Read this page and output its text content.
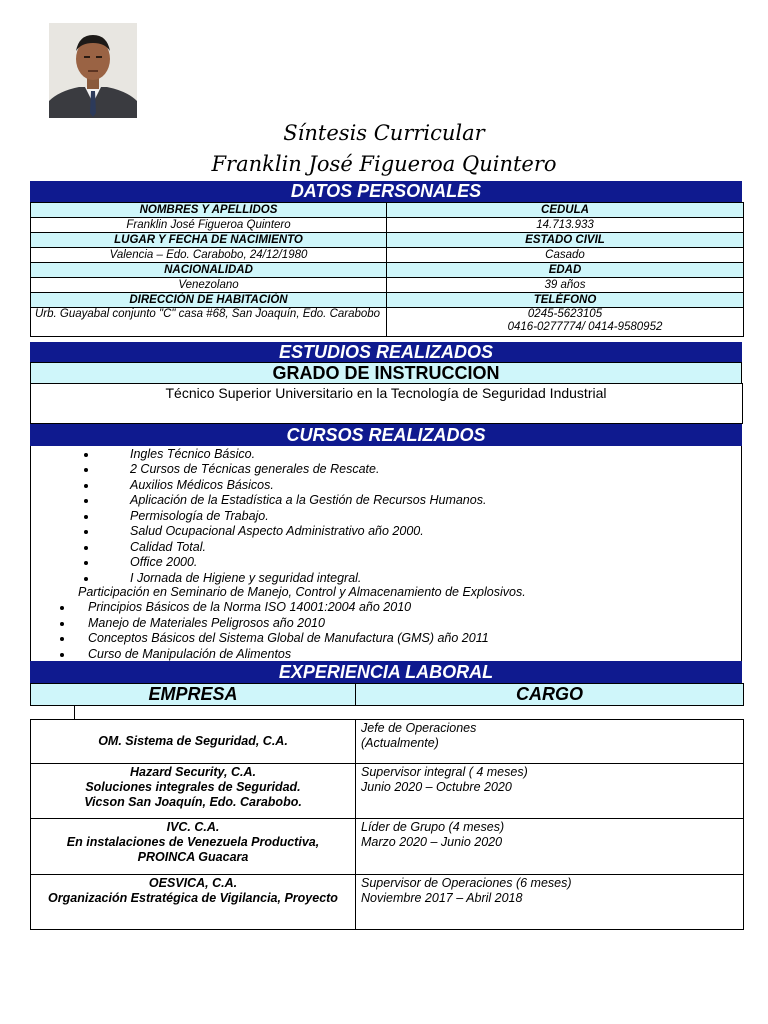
Síntesis Curricular
Franklin José Figueroa Quintero
DATOS PERSONALES
NOMBRES Y APELLIDOS	CEDULA
Franklin José Figueroa Quintero	14.713.933
LUGAR Y FECHA DE NACIMIENTO	ESTADO CIVIL
Valencia – Edo. Carabobo, 24/12/1980	Casado
NACIONALIDAD	EDAD
Venezolano	39 años
DIRECCIÓN DE HABITACIÓN	TELÉFONO
Urb. Guayabal conjunto "C" casa #68, San Joaquín, Edo. Carabobo	0245-5623105
0416-0277774/ 0414-9580952
ESTUDIOS REALIZADOS
GRADO DE INSTRUCCION
Técnico Superior Universitario en la Tecnología de Seguridad Industrial
CURSOS REALIZADOS
Ingles Técnico Básico.
2 Cursos de Técnicas generales de Rescate.
Auxilios Médicos Básicos.
Aplicación de la Estadística a la Gestión de Recursos Humanos.
Permisología de Trabajo.
Salud Ocupacional Aspecto Administrativo año 2000.
Calidad Total.
Office 2000.
I Jornada de Higiene y seguridad integral.
Participación en Seminario de Manejo, Control y Almacenamiento de Explosivos.
Principios Básicos de la Norma ISO 14001:2004 año 2010
Manejo de Materiales Peligrosos año 2010
Conceptos Básicos del Sistema Global de Manufactura (GMS) año 2011
Curso de Manipulación de Alimentos
EXPERIENCIA LABORAL
EMPRESA	CARGO
OM. Sistema de Seguridad, C.A.	Jefe de Operaciones
(Actualmente)

Hazard Security, C.A.
Soluciones integrales de Seguridad.
Vicson San Joaquín, Edo. Carabobo.	Supervisor integral ( 4 meses)
Junio 2020 – Octubre 2020

IVC. C.A.
En instalaciones de Venezuela Productiva,
PROINCA Guacara	Líder de Grupo (4 meses)
Marzo 2020 – Junio 2020

OESVICA, C.A.
Organización Estratégica de Vigilancia, Proyecto	Supervisor de Operaciones (6 meses)
Noviembre 2017 – Abril 2018
